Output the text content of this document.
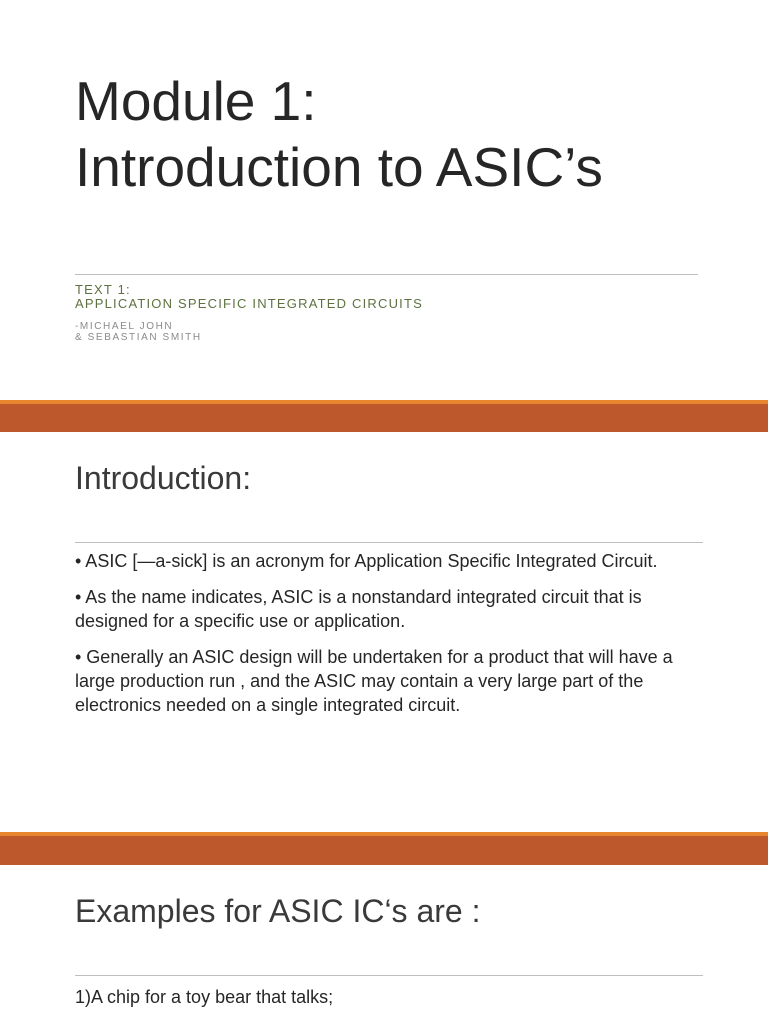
Module 1:
Introduction to ASIC’s
TEXT 1:
APPLICATION SPECIFIC INTEGRATED CIRCUITS
-MICHAEL JOHN
& SEBASTIAN SMITH
Introduction:
• ASIC [—a-sick] is an acronym for Application Specific Integrated Circuit.
• As the name indicates, ASIC is a nonstandard integrated circuit that is designed for a specific use or application.
• Generally an ASIC design will be undertaken for a product that will have a large production run , and the ASIC may contain a very large part of the electronics needed on a single integrated circuit.
Examples for ASIC IC‘s are :
1)A chip for a toy bear that talks;
